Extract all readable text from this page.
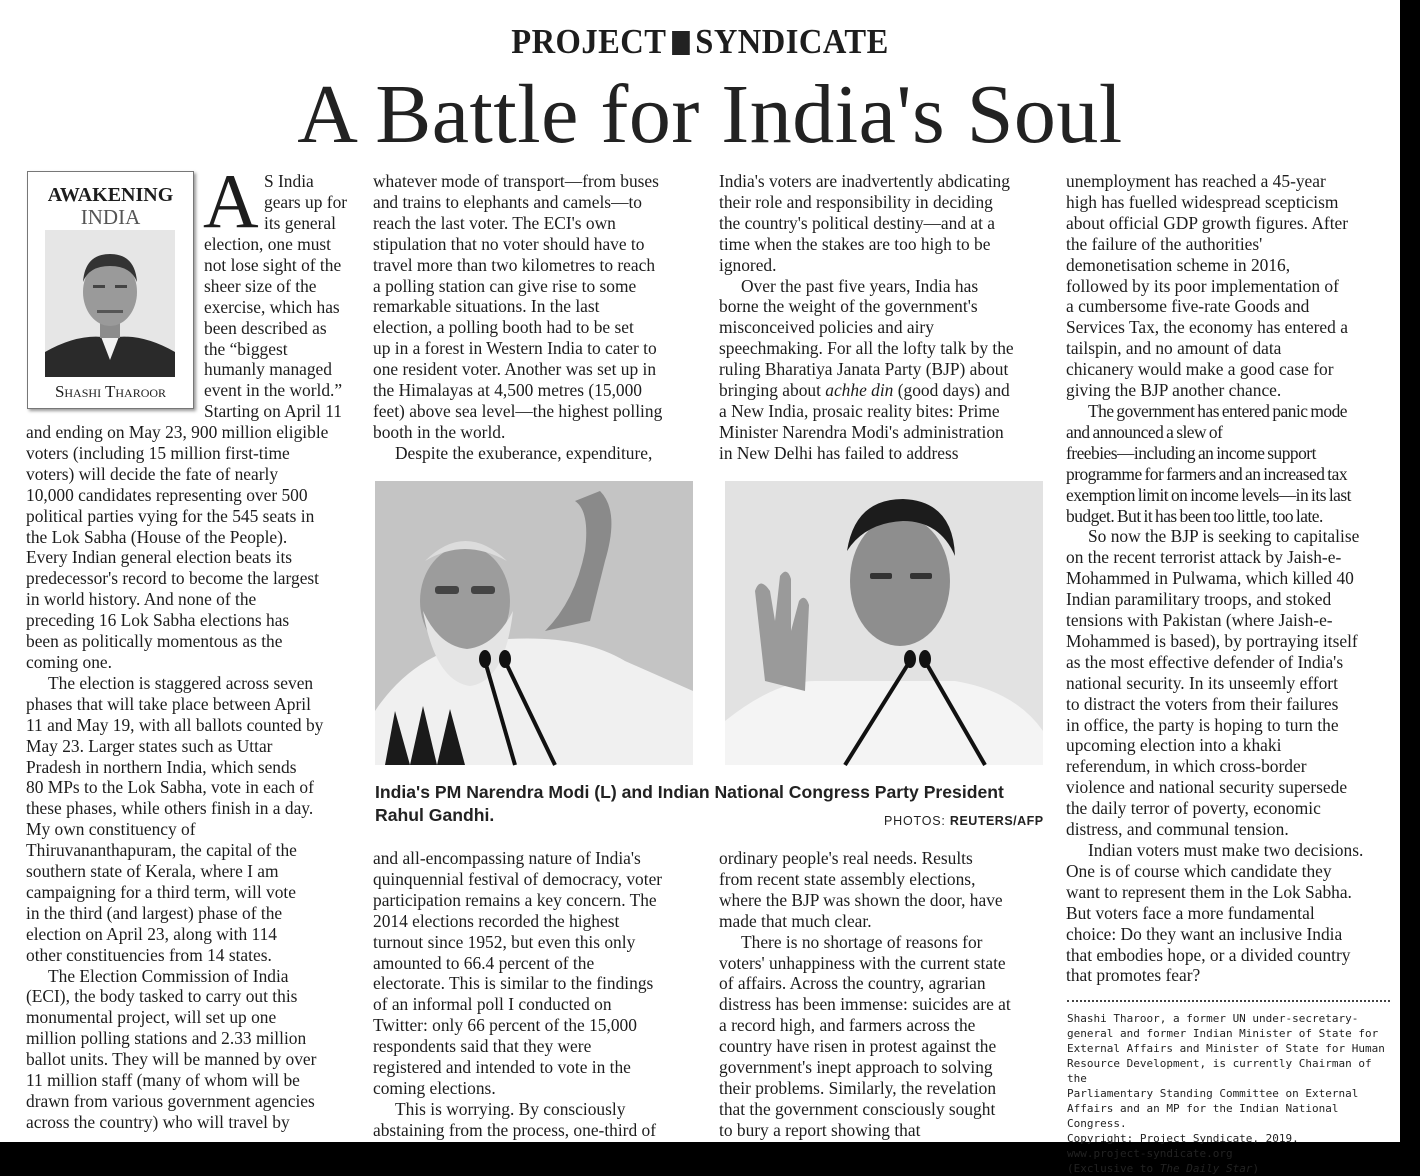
PROJECT SYNDICATE
A Battle for India's Soul
AWAKENING
INDIA
Shashi Tharoor
A S India

gears up for

its general

election, one must

not lose sight of the

sheer size of the

exercise, which has

been described as

the “biggest

humanly managed

event in the world.”

Starting on April 11

and ending on May 23, 900 million eligible

voters (including 15 million first-time

voters) will decide the fate of nearly

10,000 candidates representing over 500

political parties vying for the 545 seats in

the Lok Sabha (House of the People).

Every Indian general election beats its

predecessor's record to become the largest

in world history. And none of the

preceding 16 Lok Sabha elections has

been as politically momentous as the

coming one.

The election is staggered across seven

phases that will take place between April

11 and May 19, with all ballots counted by

May 23. Larger states such as Uttar

Pradesh in northern India, which sends

80 MPs to the Lok Sabha, vote in each of

these phases, while others finish in a day.

My own constituency of

Thiruvananthapuram, the capital of the

southern state of Kerala, where I am

campaigning for a third term, will vote

in the third (and largest) phase of the

election on April 23, along with 114

other constituencies from 14 states.

The Election Commission of India

(ECI), the body tasked to carry out this

monumental project, will set up one

million polling stations and 2.33 million

ballot units. They will be manned by over

11 million staff (many of whom will be

drawn from various government agencies

across the country) who will travel by

whatever mode of transport—from buses

and trains to elephants and camels—to

reach the last voter. The ECI's own

stipulation that no voter should have to

travel more than two kilometres to reach

a polling station can give rise to some

remarkable situations. In the last

election, a polling booth had to be set

up in a forest in Western India to cater to

one resident voter. Another was set up in

the Himalayas at 4,500 metres (15,000

feet) above sea level—the highest polling

booth in the world.

Despite the exuberance, expenditure,

and all-encompassing nature of India's

quinquennial festival of democracy, voter

participation remains a key concern. The

2014 elections recorded the highest

turnout since 1952, but even this only

amounted to 66.4 percent of the

electorate. This is similar to the findings

of an informal poll I conducted on

Twitter: only 66 percent of the 15,000

respondents said that they were

registered and intended to vote in the

coming elections.

This is worrying. By consciously

abstaining from the process, one-third of

India's voters are inadvertently abdicating

their role and responsibility in deciding

the country's political destiny—and at a

time when the stakes are too high to be

ignored.

Over the past five years, India has

borne the weight of the government's

misconceived policies and airy

speechmaking. For all the lofty talk by the

ruling Bharatiya Janata Party (BJP) about

bringing about achhe din (good days) and

a New India, prosaic reality bites: Prime

Minister Narendra Modi's administration

in New Delhi has failed to address

ordinary people's real needs. Results

from recent state assembly elections,

where the BJP was shown the door, have

made that much clear.

There is no shortage of reasons for

voters' unhappiness with the current state

of affairs. Across the country, agrarian

distress has been immense: suicides are at

a record high, and farmers across the

country have risen in protest against the

government's inept approach to solving

their problems. Similarly, the revelation

that the government consciously sought

to bury a report showing that

unemployment has reached a 45-year

high has fuelled widespread scepticism

about official GDP growth figures. After

the failure of the authorities'

demonetisation scheme in 2016,

followed by its poor implementation of

a cumbersome five-rate Goods and

Services Tax, the economy has entered a

tailspin, and no amount of data

chicanery would make a good case for

giving the BJP another chance.

The government has entered panic mode

and announced a slew of

freebies—including an income support

programme for farmers and an increased tax

exemption limit on income levels—in its last

budget. But it has been too little, too late.

So now the BJP is seeking to capitalise

on the recent terrorist attack by Jaish-e-

Mohammed in Pulwama, which killed 40

Indian paramilitary troops, and stoked

tensions with Pakistan (where Jaish-e-

Mohammed is based), by portraying itself

as the most effective defender of India's

national security. In its unseemly effort

to distract the voters from their failures

in office, the party is hoping to turn the

upcoming election into a khaki

referendum, in which cross-border

violence and national security supersede

the daily terror of poverty, economic

distress, and communal tension.

Indian voters must make two decisions.

One is of course which candidate they

want to represent them in the Lok Sabha.

But voters face a more fundamental

choice: Do they want an inclusive India

that embodies hope, or a divided country

that promotes fear?

India's PM Narendra Modi (L) and Indian National Congress Party President Rahul Gandhi.	PHOTOS: REUTERS/AFP

Shashi Tharoor, a former UN under-secretary-

general and former Indian Minister of State for

External Affairs and Minister of State for Human

Resource Development, is currently Chairman of the

Parliamentary Standing Committee on External

Affairs and an MP for the Indian National Congress.

Copyright: Project Syndicate, 2019.

www.project-syndicate.org

(Exclusive to The Daily Star)
